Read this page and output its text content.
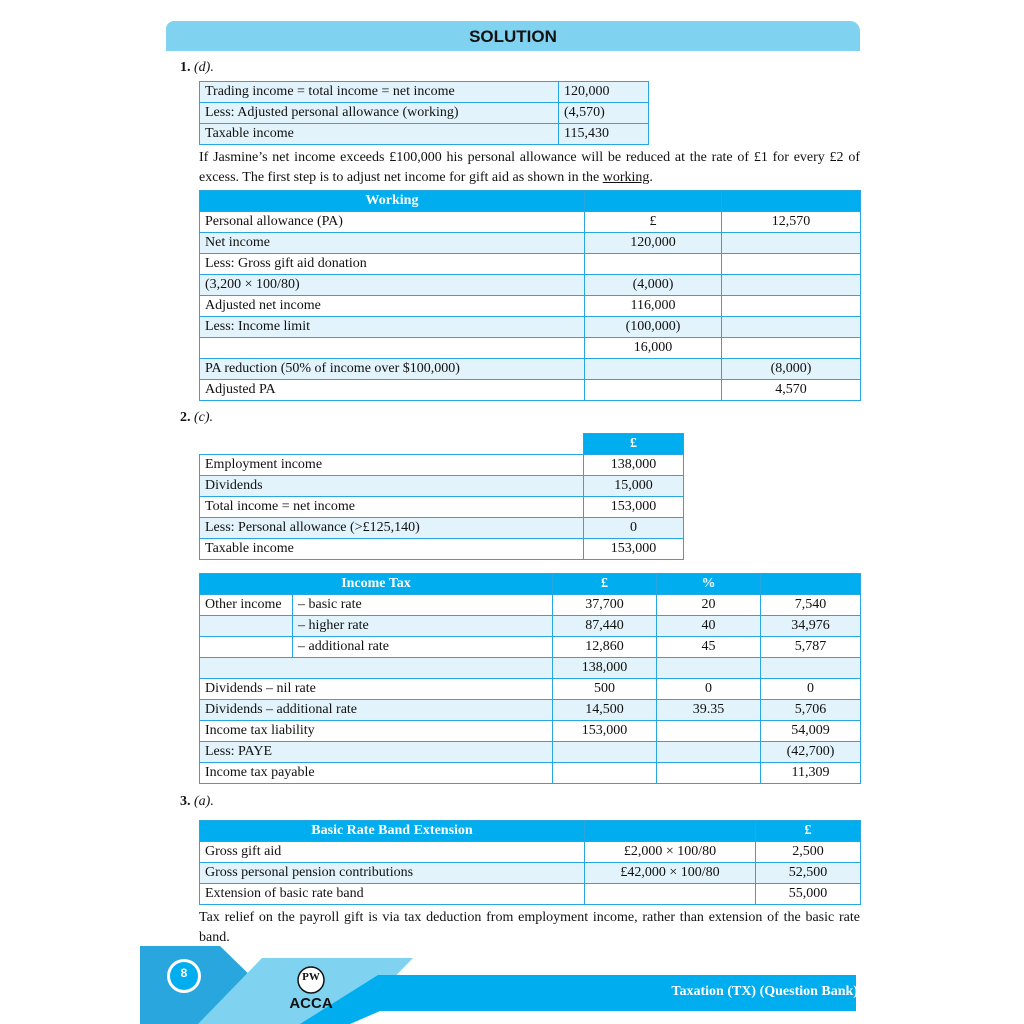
SOLUTION
1. (d).
Trading income = total income = net income	120,000
Less: Adjusted personal allowance (working)	(4,570)
Taxable income	115,430
If Jasmine’s net income exceeds £100,000 his personal allowance will be reduced at the rate of £1 for every £2 of excess. The first step is to adjust net income for gift aid as shown in the working.
Working		
Personal allowance (PA)	£	12,570
Net income	120,000	
Less: Gross gift aid donation		
(3,200 × 100/80)	(4,000)	
Adjusted net income	116,000	
Less: Income limit	(100,000)	
	16,000	
PA reduction (50% of income over $100,000)		(8,000)
Adjusted PA		4,570
2. (c).
	£
Employment income	138,000
Dividends	15,000
Total income = net income	153,000
Less: Personal allowance (>£125,140)	0
Taxable income	153,000
Income Tax		£	%	
Other income	– basic rate	37,700	20	7,540
	– higher rate	87,440	40	34,976
	– additional rate	12,860	45	5,787
		138,000		
Dividends – nil rate		500	0	0
Dividends – additional rate		14,500	39.35	5,706
Income tax liability		153,000		54,009
Less: PAYE				(42,700)
Income tax payable				11,309
3. (a).
Basic Rate Band Extension		£
Gross gift aid	£2,000 × 100/80	2,500
Gross personal pension contributions	£42,000 × 100/80	52,500
Extension of basic rate band		55,000
Tax relief on the payroll gift is via tax deduction from employment income, rather than extension of the basic rate band.
8	PW
ACCA
Taxation (TX) (Question Bank)
